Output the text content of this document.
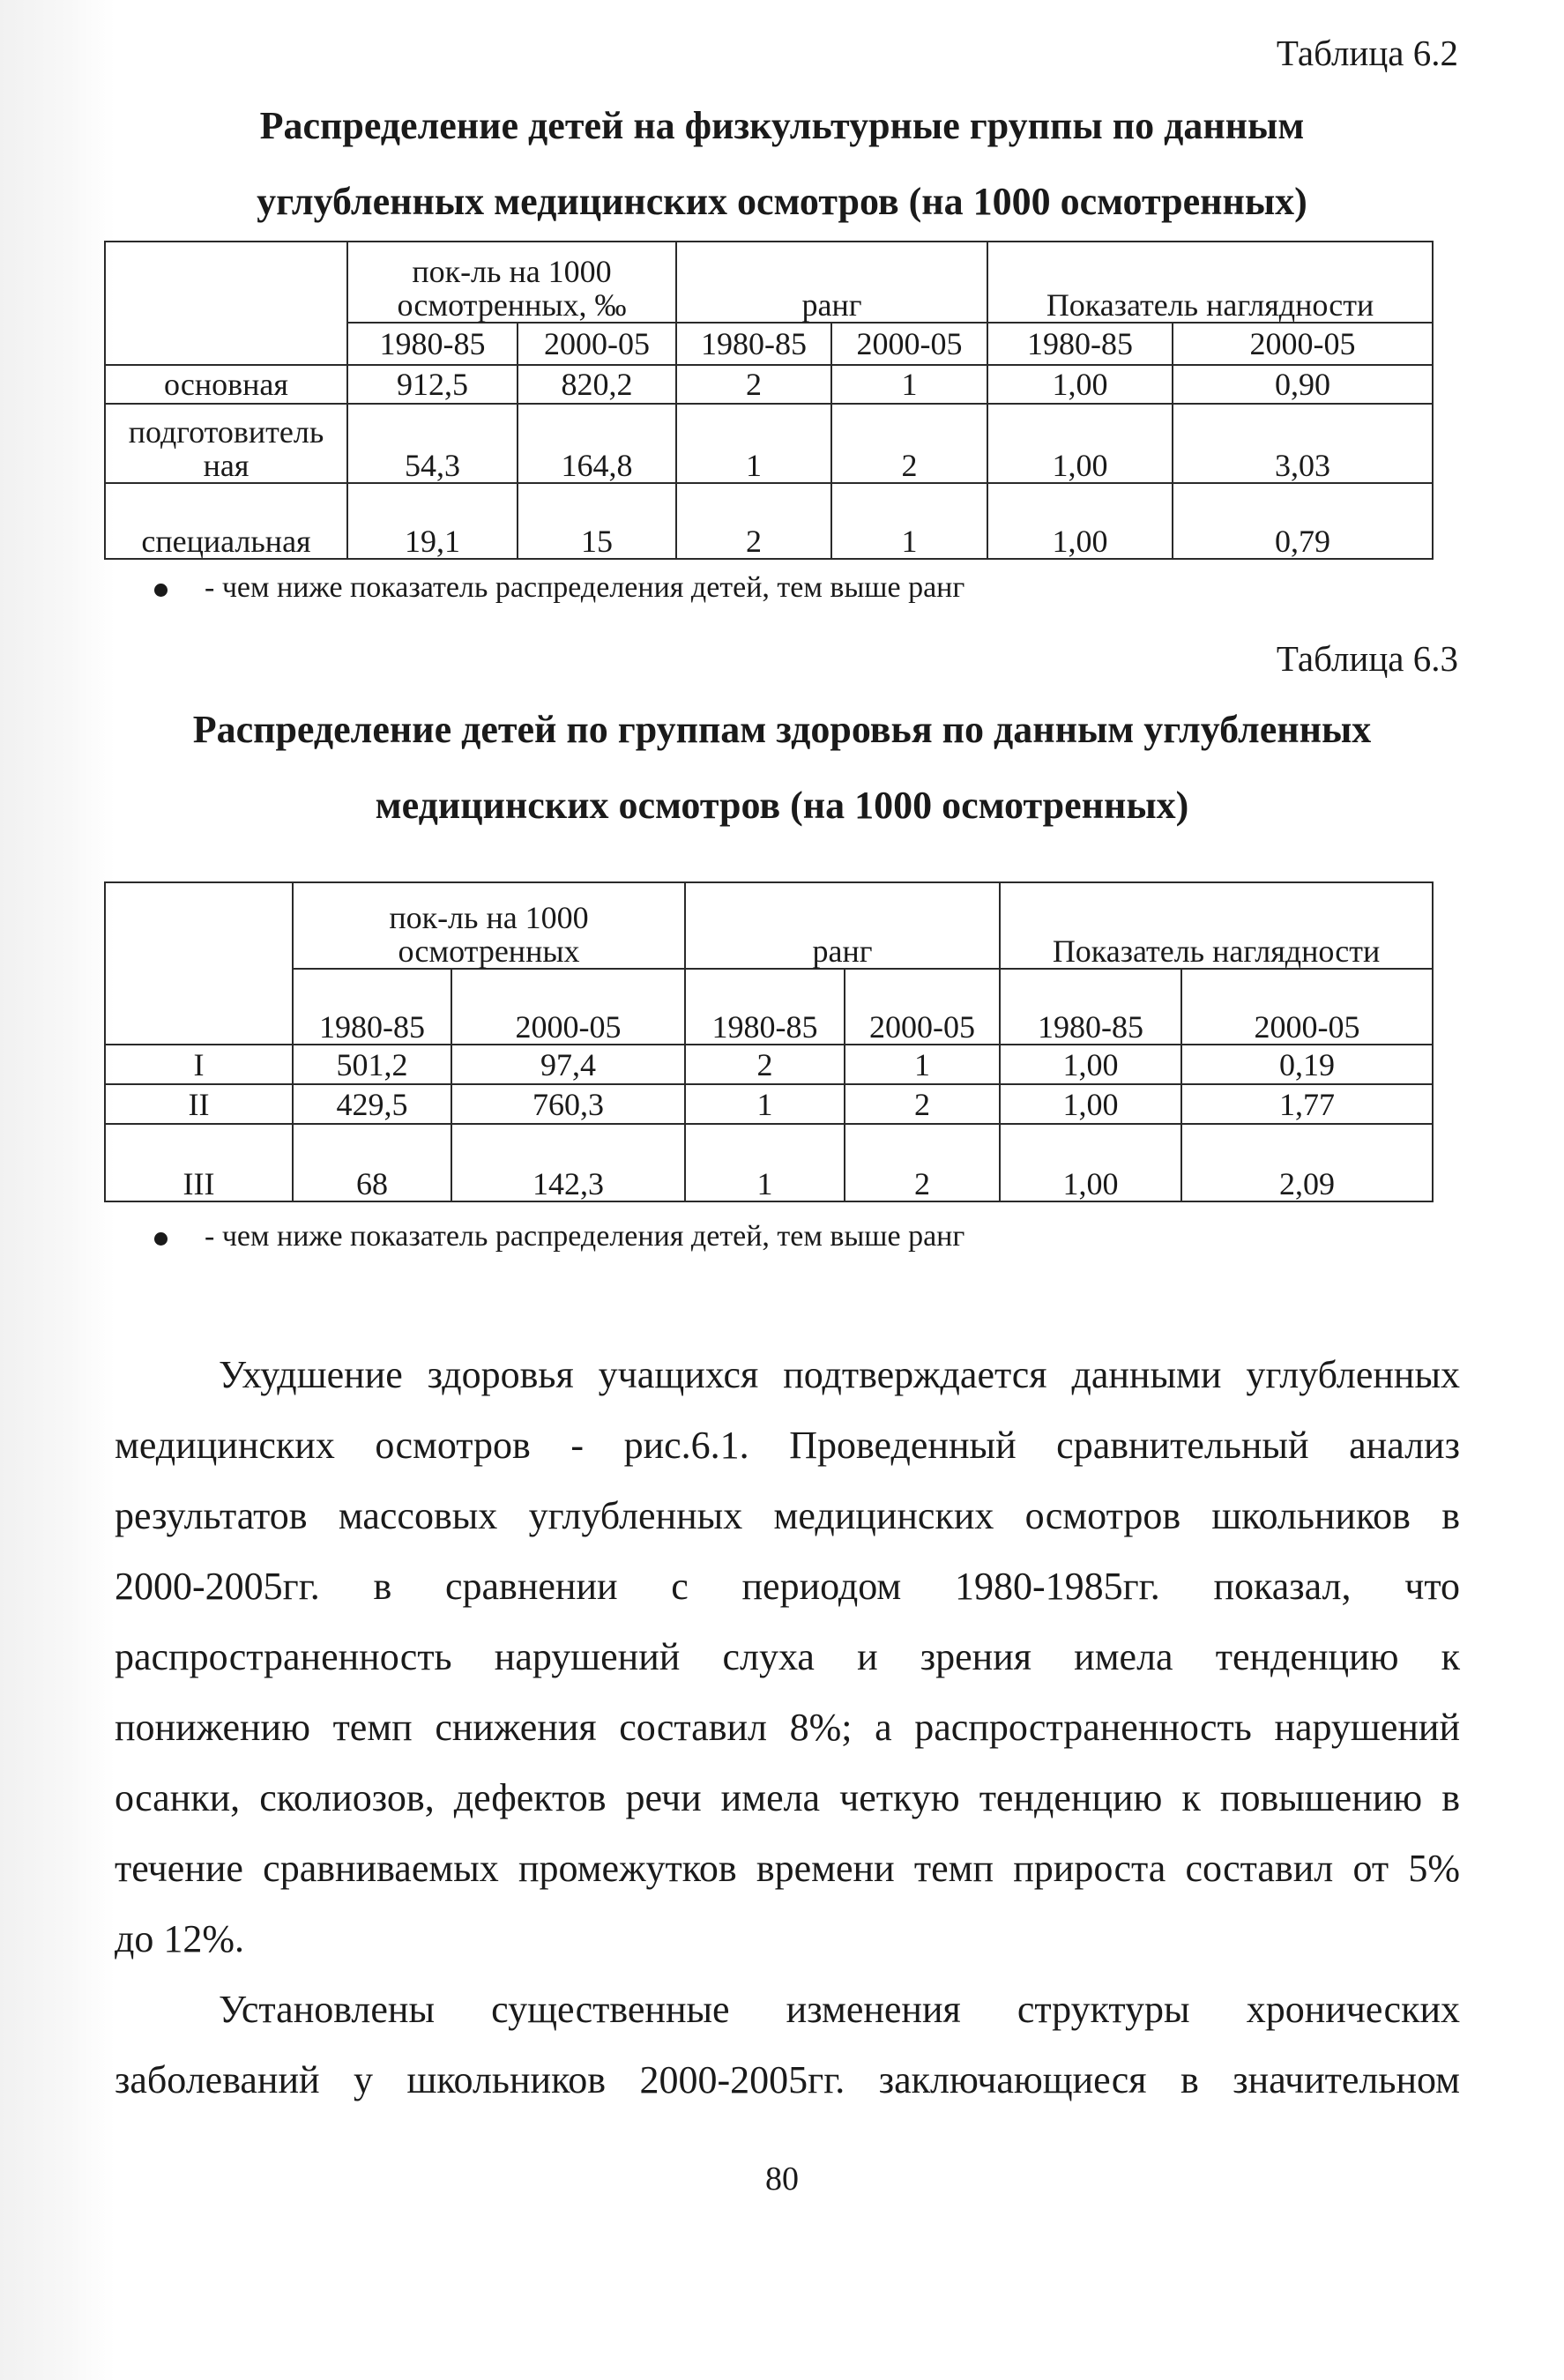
Таблица 6.2
Распределение детей на физкультурные группы по данным
углубленных медицинских осмотров (на 1000 осмотренных)
	пок-ль на 1000 осмотренных, ‰		ранг		Показатель наглядности	
	1980-85	2000-05	1980-85	2000-05	1980-85	2000-05
основная	912,5	820,2	2	1	1,00	0,90
подготовитель ная	54,3	164,8	1	2	1,00	3,03
специальная	19,1	15	2	1	1,00	0,79
- чем ниже показатель распределения детей, тем выше ранг
Таблица 6.3
Распределение детей по группам здоровья по данным углубленных
медицинских осмотров (на 1000 осмотренных)
	пок-ль на 1000 осмотренных		ранг		Показатель наглядности	
	1980-85	2000-05	1980-85	2000-05	1980-85	2000-05
I	501,2	97,4	2	1	1,00	0,19
II	429,5	760,3	1	2	1,00	1,77
III	68	142,3	1	2	1,00	2,09
- чем ниже показатель распределения детей, тем выше ранг
Ухудшение здоровья учащихся подтверждается данными углубленных
медицинских осмотров - рис.6.1. Проведенный сравнительный анализ
результатов массовых углубленных медицинских осмотров школьников в
2000-2005гг. в сравнении с периодом 1980-1985гг. показал, что
распространенность нарушений слуха и зрения имела тенденцию к
понижению темп снижения составил 8%; а распространенность нарушений
осанки, сколиозов, дефектов речи имела четкую тенденцию к повышению в
течение сравниваемых промежутков времени темп прироста составил от 5%
до 12%.
Установлены существенные изменения структуры хронических
заболеваний у школьников 2000-2005гг. заключающиеся в значительном
80
